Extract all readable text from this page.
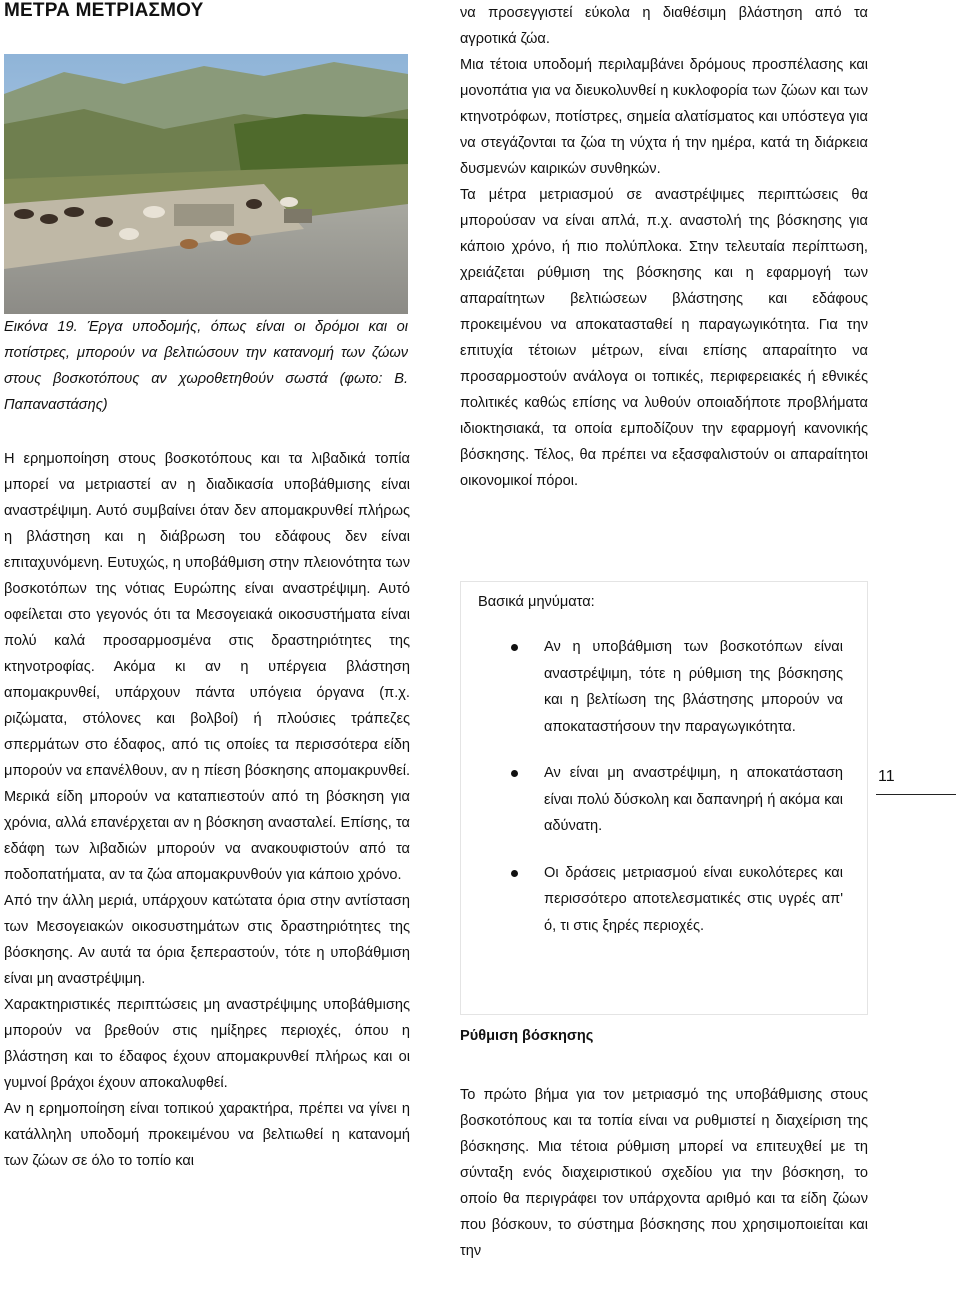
ΜΕΤΡΑ ΜΕΤΡΙΑΣΜΟΥ
Εικόνα 19. Έργα υποδομής, όπως είναι οι δρόμοι και οι ποτίστρες, μπορούν να βελτιώσουν την κατανομή των ζώων στους βοσκοτόπους αν χωροθετηθούν σωστά (φωτο: Β. Παπαναστάσης)

Η ερημοποίηση στους βοσκοτόπους και τα λιβαδικά τοπία μπορεί να μετριαστεί αν η διαδικασία υποβάθμισης είναι αναστρέψιμη. Αυτό συμβαίνει όταν δεν απομακρυνθεί πλήρως η βλάστηση και η διάβρωση του εδάφους δεν είναι επιταχυνόμενη. Ευτυχώς, η υποβάθμιση στην πλειονότητα των βοσκοτόπων της νότιας Ευρώπης είναι αναστρέψιμη. Αυτό οφείλεται στο γεγονός ότι τα Μεσογειακά οικοσυστήματα είναι πολύ καλά προσαρμοσμένα στις δραστηριότητες της κτηνοτροφίας. Ακόμα κι αν η υπέργεια βλάστηση απομακρυνθεί, υπάρχουν πάντα υπόγεια όργανα (π.χ. ριζώματα, στόλονες και βολβοί) ή πλούσιες τράπεζες σπερμάτων στο έδαφος, από τις οποίες τα περισσότερα είδη μπορούν να επανέλθουν, αν η πίεση βόσκησης απομακρυνθεί. Μερικά είδη μπορούν να καταπιεστούν από τη βόσκηση για χρόνια, αλλά επανέρχεται αν η βόσκηση ανασταλεί. Επίσης, τα εδάφη των λιβαδιών μπορούν να ανακουφιστούν από τα ποδοπατήματα, αν τα ζώα απομακρυνθούν για κάποιο χρόνο.

Από την άλλη μεριά, υπάρχουν κατώτατα όρια στην αντίσταση των Μεσογειακών οικοσυστημάτων στις δραστηριότητες της βόσκησης. Αν αυτά τα όρια ξεπεραστούν, τότε η υποβάθμιση είναι μη αναστρέψιμη.

Χαρακτηριστικές περιπτώσεις μη αναστρέψιμης υποβάθμισης μπορούν να βρεθούν στις ημίξηρες περιοχές, όπου η βλάστηση και το έδαφος έχουν απομακρυνθεί πλήρως και οι γυμνοί βράχοι έχουν αποκαλυφθεί.

Αν η ερημοποίηση είναι τοπικού χαρακτήρα, πρέπει να γίνει η κατάλληλη υποδομή προκειμένου να βελτιωθεί η κατανομή των ζώων σε όλο το τοπίο και

να προσεγγιστεί εύκολα η διαθέσιμη βλάστηση από τα αγροτικά ζώα.

Μια τέτοια υποδομή περιλαμβάνει δρόμους προσπέλασης και μονοπάτια για να διευκολυνθεί η κυκλοφορία των ζώων και των κτηνοτρόφων, ποτίστρες, σημεία αλατίσματος και υπόστεγα για να στεγάζονται τα ζώα τη νύχτα ή την ημέρα, κατά τη διάρκεια δυσμενών καιρικών συνθηκών.

Τα μέτρα μετριασμού σε αναστρέψιμες περιπτώσεις θα μπορούσαν να είναι απλά, π.χ. αναστολή της βόσκησης για κάποιο χρόνο, ή πιο πολύπλοκα. Στην τελευταία περίπτωση, χρειάζεται ρύθμιση της βόσκησης και η εφαρμογή των απαραίτητων βελτιώσεων βλάστησης και εδάφους προκειμένου να αποκατασταθεί η παραγωγικότητα. Για την επιτυχία τέτοιων μέτρων, είναι επίσης απαραίτητο να προσαρμοστούν ανάλογα οι τοπικές, περιφερειακές ή εθνικές πολιτικές καθώς επίσης να λυθούν οποιαδήποτε προβλήματα ιδιοκτησιακά, τα οποία εμποδίζουν την εφαρμογή κανονικής βόσκησης. Τέλος, θα πρέπει να εξασφαλιστούν οι απαραίτητοι οικονομικοί πόροι.

Βασικά μηνύματα:
Αν η υποβάθμιση των βοσκοτόπων είναι αναστρέψιμη, τότε η ρύθμιση της βόσκησης και η βελτίωση της βλάστησης μπορούν να αποκαταστήσουν την παραγωγικότητα.
Αν είναι μη αναστρέψιμη, η αποκατάσταση είναι πολύ δύσκολη και δαπανηρή ή ακόμα και αδύνατη.
Οι δράσεις μετριασμού είναι ευκολότερες και περισσότερο αποτελεσματικές στις υγρές απ' ό, τι στις ξηρές περιοχές.
Ρύθμιση βόσκησης

Το πρώτο βήμα για τον μετριασμό της υποβάθμισης στους βοσκοτόπους και τα τοπία είναι να ρυθμιστεί η διαχείριση της βόσκησης. Μια τέτοια ρύθμιση μπορεί να επιτευχθεί με τη σύνταξη ενός διαχειριστικού σχεδίου για την βόσκηση, το οποίο θα περιγράφει τον υπάρχοντα αριθμό και τα είδη ζώων που βόσκουν, το σύστημα βόσκησης που χρησιμοποιείται και την

11
